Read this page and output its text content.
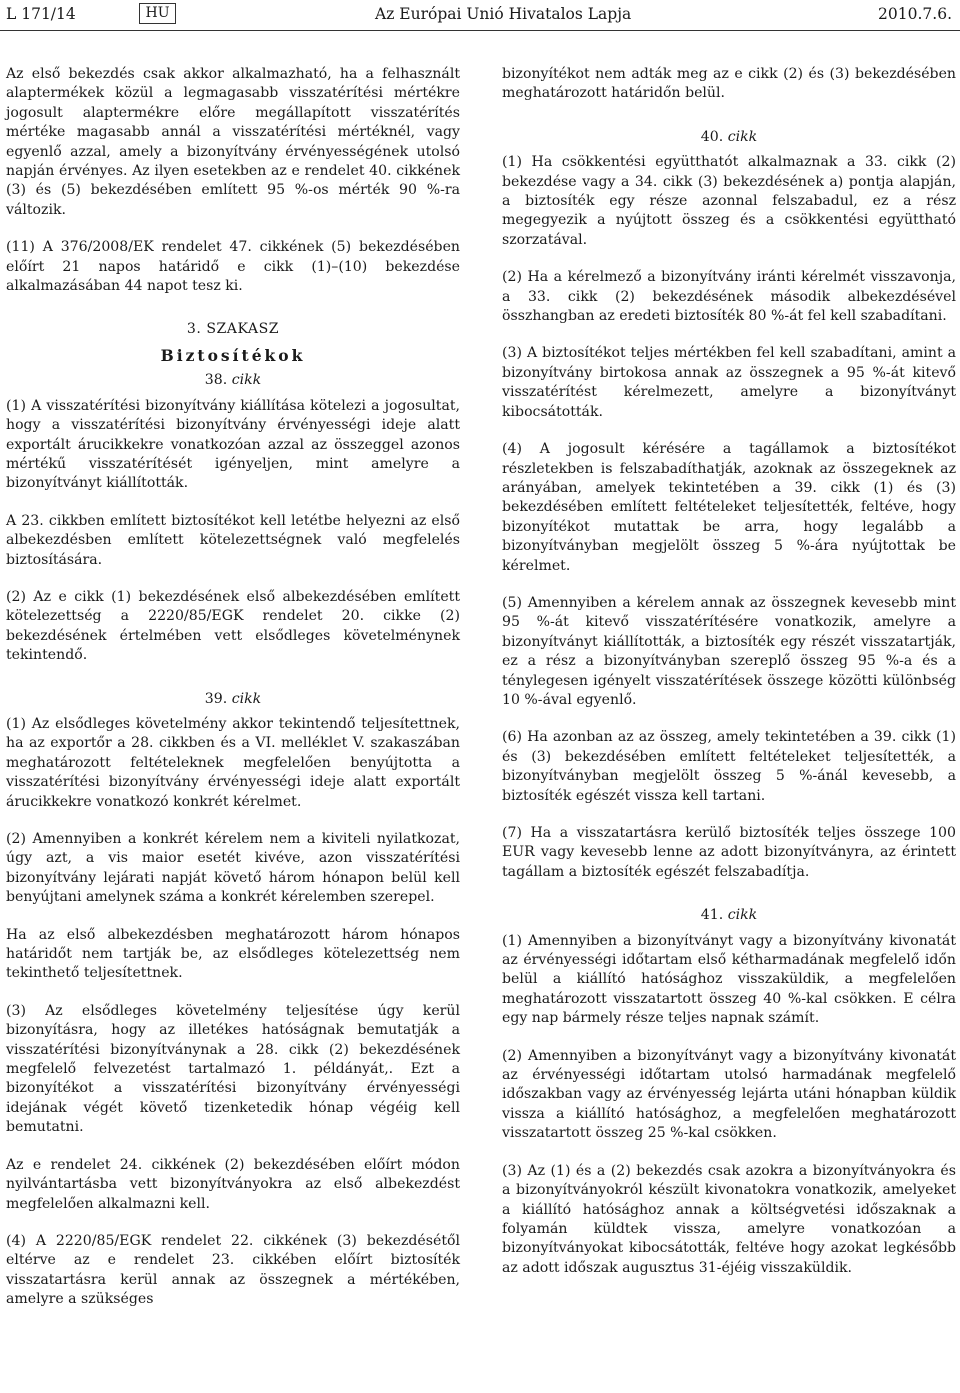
L 171/14	HU	Az Európai Unió Hivatalos Lapja	2010.7.6.

Az első bekezdés csak akkor alkalmazható, ha a felhasznált alaptermékek közül a legmagasabb visszatérítési mértékre jogosult alaptermékre előre megállapított visszatérítés mértéke magasabb annál a visszatérítési mértéknél, vagy egyenlő azzal, amely a bizonyítvány érvényességének utolsó napján érvényes. Az ilyen esetekben az e rendelet 40. cikkének (3) és (5) bekezdésében említett 95 %-os mérték 90 %-ra változik.

(11) A 376/2008/EK rendelet 47. cikkének (5) bekezdésében előírt 21 napos határidő e cikk (1)–(10) bekezdése alkalmazásában 44 napot tesz ki.

3. SZAKASZ
Biztosítékok
38. cikk

(1) A visszatérítési bizonyítvány kiállítása kötelezi a jogosultat, hogy a visszatérítési bizonyítvány érvényességi ideje alatt exportált árucikkekre vonatkozóan azzal az összeggel azonos mértékű visszatérítését igényeljen, mint amelyre a bizonyítványt kiállították.

A 23. cikkben említett biztosítékot kell letétbe helyezni az első albekezdésben említett kötelezettségnek való megfelelés biztosítására.

(2) Az e cikk (1) bekezdésének első albekezdésében említett kötelezettség a 2220/85/EGK rendelet 20. cikke (2) bekezdésének értelmében vett elsődleges követelménynek tekintendő.

39. cikk

(1) Az elsődleges követelmény akkor tekintendő teljesítettnek, ha az exportőr a 28. cikkben és a VI. melléklet V. szakaszában meghatározott feltételeknek megfelelően benyújtotta a visszatérítési bizonyítvány érvényességi ideje alatt exportált árucikkekre vonatkozó konkrét kérelmet.

(2) Amennyiben a konkrét kérelem nem a kiviteli nyilatkozat, úgy azt, a vis maior esetét kivéve, azon visszatérítési bizonyítvány lejárati napját követő három hónapon belül kell benyújtani amelynek száma a konkrét kérelemben szerepel.

Ha az első albekezdésben meghatározott három hónapos határidőt nem tartják be, az elsődleges kötelezettség nem tekinthető teljesítettnek.

(3) Az elsődleges követelmény teljesítése úgy kerül bizonyításra, hogy az illetékes hatóságnak bemutatják a visszatérítési bizonyítványnak a 28. cikk (2) bekezdésének megfelelő felvezetést tartalmazó 1. példányát,. Ezt a bizonyítékot a visszatérítési bizonyítvány érvényességi idejának végét követő tizenketedik hónap végéig kell bemutatni.

Az e rendelet 24. cikkének (2) bekezdésében előírt módon nyilvántartásba vett bizonyítványokra az első albekezdést megfelelően alkalmazni kell.

(4) A 2220/85/EGK rendelet 22. cikkének (3) bekezdésétől eltérve az e rendelet 23. cikkében előírt biztosíték visszatartásra kerül annak az összegnek a mértékében, amelyre a szükséges

bizonyítékot nem adták meg az e cikk (2) és (3) bekezdésében meghatározott határidőn belül.

40. cikk

(1) Ha csökkentési együtthatót alkalmaznak a 33. cikk (2) bekezdése vagy a 34. cikk (3) bekezdésének a) pontja alapján, a biztosíték egy része azonnal felszabadul, ez a rész megegyezik a nyújtott összeg és a csökkentési együttható szorzatával.

(2) Ha a kérelmező a bizonyítvány iránti kérelmét visszavonja, a 33. cikk (2) bekezdésének második albekezdésével összhangban az eredeti biztosíték 80 %-át fel kell szabadítani.

(3) A biztosítékot teljes mértékben fel kell szabadítani, amint a bizonyítvány birtokosa annak az összegnek a 95 %-át kitevő visszatérítést kérelmezett, amelyre a bizonyítványt kibocsátották.

(4) A jogosult kérésére a tagállamok a biztosítékot részletekben is felszabadíthatják, azoknak az összegeknek az arányában, amelyek tekintetében a 39. cikk (1) és (3) bekezdésében említett feltételeket teljesítették, feltéve, hogy bizonyítékot mutattak be arra, hogy legalább a bizonyítványban megjelölt összeg 5 %-ára nyújtottak be kérelmet.

(5) Amennyiben a kérelem annak az összegnek kevesebb mint 95 %-át kitevő visszatérítésére vonatkozik, amelyre a bizonyítványt kiállították, a biztosíték egy részét visszatartják, ez a rész a bizonyítványban szereplő összeg 95 %-a és a ténylegesen igényelt visszatérítések összege közötti különbség 10 %-ával egyenlő.

(6) Ha azonban az az összeg, amely tekintetében a 39. cikk (1) és (3) bekezdésében említett feltételeket teljesítették, a bizonyítványban megjelölt összeg 5 %-ánál kevesebb, a biztosíték egészét vissza kell tartani.

(7) Ha a visszatartásra kerülő biztosíték teljes összege 100 EUR vagy kevesebb lenne az adott bizonyítványra, az érintett tagállam a biztosíték egészét felszabadítja.

41. cikk

(1) Amennyiben a bizonyítványt vagy a bizonyítvány kivonatát az érvényességi időtartam első kétharmadának megfelelő időn belül a kiállító hatósághoz visszaküldik, a megfelelően meghatározott visszatartott összeg 40 %-kal csökken. E célra egy nap bármely része teljes napnak számít.

(2) Amennyiben a bizonyítványt vagy a bizonyítvány kivonatát az érvényességi időtartam utolsó harmadának megfelelő időszakban vagy az érvényesség lejárta utáni hónapban küldik vissza a kiállító hatósághoz, a megfelelően meghatározott visszatartott összeg 25 %-kal csökken.

(3) Az (1) és a (2) bekezdés csak azokra a bizonyítványokra és a bizonyítványokról készült kivonatokra vonatkozik, amelyeket a kiállító hatósághoz annak a költségvetési időszaknak a folyamán küldtek vissza, amelyre vonatkozóan a bizonyítványokat kibocsátották, feltéve hogy azokat legkésőbb az adott időszak augusztus 31-éjéig visszaküldik.
